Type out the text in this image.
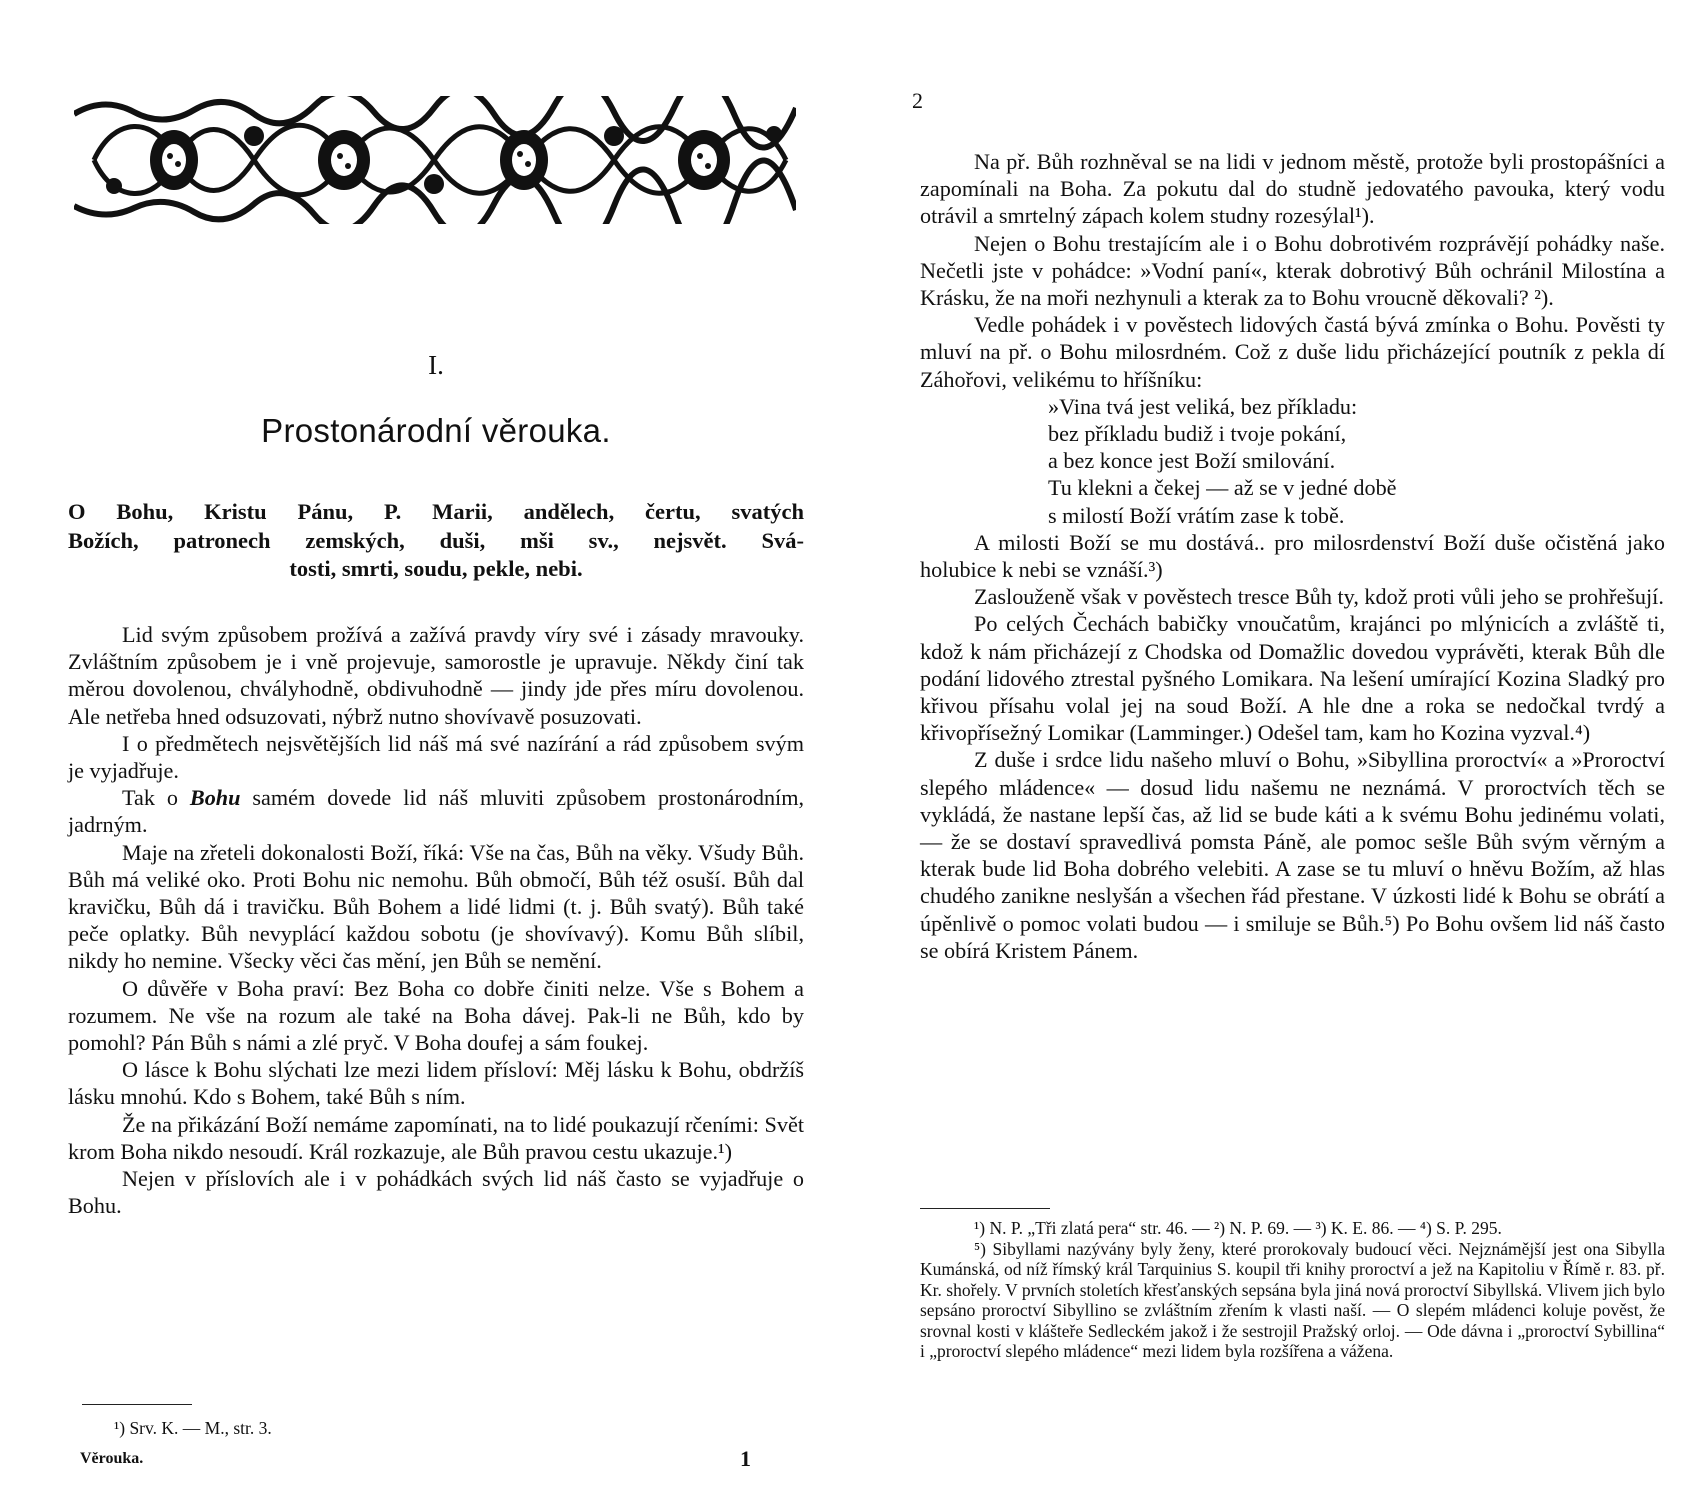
I.
Prostonárodní věrouka.
O Bohu, Kristu Pánu, P. Marii, andělech, čertu, svatých
Božích, patronech zemských, duši, mši sv., nejsvět. Svá-
tosti, smrti, soudu, pekle, nebi.

Lid svým způsobem prožívá a zažívá pravdy víry své i zásady mravouky. Zvláštním způsobem je i vně projevuje, samorostle je upravuje. Někdy činí tak měrou dovolenou, chvályhodně, obdivuhodně — jindy jde přes míru dovolenou. Ale netřeba hned odsuzovati, nýbrž nutno shovívavě posuzovati.

I o předmětech nejsvětějších lid náš má své nazírání a rád způsobem svým je vyjadřuje.

Tak o Bohu samém dovede lid náš mluviti způsobem prostonárodním, jadrným.

Maje na zřeteli dokonalosti Boží, říká: Vše na čas, Bůh na věky. Všudy Bůh. Bůh má veliké oko. Proti Bohu nic nemohu. Bůh območí, Bůh též osuší. Bůh dal kravičku, Bůh dá i travičku. Bůh Bohem a lidé lidmi (t. j. Bůh svatý). Bůh také peče oplatky. Bůh nevyplácí každou sobotu (je shovívavý). Komu Bůh slíbil, nikdy ho nemine. Všecky věci čas mění, jen Bůh se nemění.

O důvěře v Boha praví: Bez Boha co dobře činiti nelze. Vše s Bohem a rozumem. Ne vše na rozum ale také na Boha dávej. Pak-li ne Bůh, kdo by pomohl? Pán Bůh s námi a zlé pryč. V Boha doufej a sám foukej.

O lásce k Bohu slýchati lze mezi lidem přísloví: Měj lásku k Bohu, obdržíš lásku mnohú. Kdo s Bohem, také Bůh s ním.

Že na přikázání Boží nemáme zapomínati, na to lidé poukazují rčeními: Svět krom Boha nikdo nesoudí. Král rozkazuje, ale Bůh pravou cestu ukazuje.¹)

Nejen v příslovích ale i v pohádkách svých lid náš často se vyjadřuje o Bohu.

¹) Srv. K. — M., str. 3.

Věrouka.	1
2

Na př. Bůh rozhněval se na lidi v jednom městě, protože byli prostopášníci a zapomínali na Boha. Za pokutu dal do studně jedovatého pavouka, který vodu otrávil a smrtelný zápach kolem studny rozesýlal¹).

Nejen o Bohu trestajícím ale i o Bohu dobrotivém rozprávějí pohádky naše. Nečetli jste v pohádce: »Vodní paní«, kterak dobrotivý Bůh ochránil Milostína a Krásku, že na moři nezhynuli a kterak za to Bohu vroucně děkovali? ²).

Vedle pohádek i v pověstech lidových častá bývá zmínka o Bohu. Pověsti ty mluví na př. o Bohu milosrdném. Což z duše lidu přicházející poutník z pekla dí Záhořovi, velikému to hříšníku:

»Vina tvá jest veliká, bez příkladu:
bez příkladu budiž i tvoje pokání,
a bez konce jest Boží smilování.
Tu klekni a čekej — až se v jedné době
s milostí Boží vrátím zase k tobě.

A milosti Boží se mu dostává.. pro milosrdenství Boží duše očistěná jako holubice k nebi se vznáší.³)

Zaslouženě však v pověstech tresce Bůh ty, kdož proti vůli jeho se prohřešují.

Po celých Čechách babičky vnoučatům, krajánci po mlýnicích a zvláště ti, kdož k nám přicházejí z Chodska od Domažlic dovedou vyprávěti, kterak Bůh dle podání lidového ztrestal pyšného Lomikara. Na lešení umírající Kozina Sladký pro křivou přísahu volal jej na soud Boží. A hle dne a roka se nedočkal tvrdý a křivopřísežný Lomikar (Lamminger.) Odešel tam, kam ho Kozina vyzval.⁴)

Z duše i srdce lidu našeho mluví o Bohu, »Sibyllina proroctví« a »Proroctví slepého mládence« — dosud lidu našemu ne neznámá. V proroctvích těch se vykládá, že nastane lepší čas, až lid se bude káti a k svému Bohu jedinému volati, — že se dostaví spravedlivá pomsta Páně, ale pomoc sešle Bůh svým věrným a kterak bude lid Boha dobrého velebiti. A zase se tu mluví o hněvu Božím, až hlas chudého zanikne neslyšán a všechen řád přestane. V úzkosti lidé k Bohu se obrátí a úpěnlivě o pomoc volati budou — i smiluje se Bůh.⁵) Po Bohu ovšem lid náš často se obírá Kristem Pánem.

¹) N. P. „Tři zlatá pera“ str. 46. — ²) N. P. 69. — ³) K. E. 86. — ⁴) S. P. 295.

⁵) Sibyllami nazývány byly ženy, které prorokovaly budoucí věci. Nejznámější jest ona Sibylla Kumánská, od níž římský král Tarquinius S. koupil tři knihy proroctví a jež na Kapitoliu v Římě r. 83. př. Kr. shořely. V prvních stoletích křesťanských sepsána byla jiná nová proroctví Sibyllská. Vlivem jich bylo sepsáno proroctví Sibyllino se zvláštním zřením k vlasti naší. — O slepém mládenci koluje pověst, že srovnal kosti v klášteře Sedleckém jakož i že sestrojil Pražský orloj. — Ode dávna i „proroctví Sybillina“ i „proroctví slepého mládence“ mezi lidem byla rozšířena a vážena.
